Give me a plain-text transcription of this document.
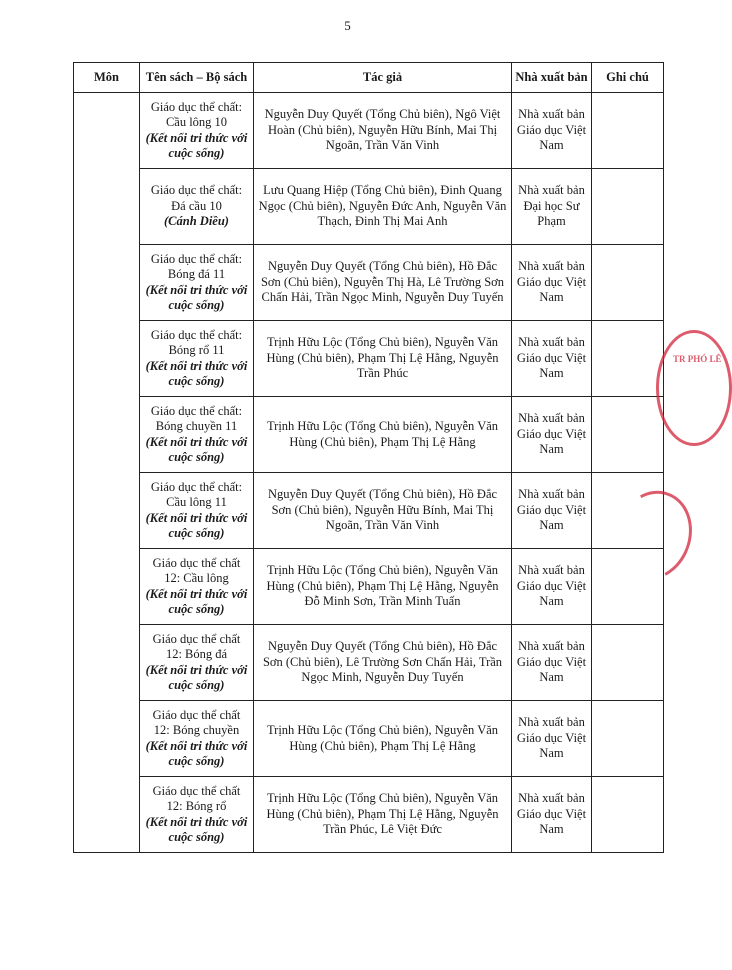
5
Môn	Tên sách – Bộ sách	Tác giả	Nhà xuất bản	Ghi chú

	Giáo dục thể chất: Cầu lông 10
(Kết nối tri thức với cuộc sống)	Nguyễn Duy Quyết (Tổng Chủ biên), Ngô Việt Hoàn (Chủ biên), Nguyễn Hữu Bính, Mai Thị Ngoãn, Trần Văn Vinh	Nhà xuất bản Giáo dục Việt Nam	

	Giáo dục thể chất: Đá cầu 10
(Cánh Diều)	Lưu Quang Hiệp (Tổng Chủ biên), Đinh Quang Ngọc (Chủ biên), Nguyễn Đức Anh, Nguyễn Văn Thạch, Đinh Thị Mai Anh	Nhà xuất bản Đại học Sư Phạm	

	Giáo dục thể chất: Bóng đá 11
(Kết nối tri thức với cuộc sống)	Nguyễn Duy Quyết (Tổng Chủ biên), Hồ Đắc Sơn (Chủ biên), Nguyễn Thị Hà, Lê Trường Sơn Chấn Hải, Trần Ngọc Minh, Nguyễn Duy Tuyến	Nhà xuất bản Giáo dục Việt Nam	

	Giáo dục thể chất: Bóng rổ 11
(Kết nối tri thức với cuộc sống)	Trịnh Hữu Lộc (Tổng Chủ biên), Nguyễn Văn Hùng (Chủ biên), Phạm Thị Lệ Hằng, Nguyễn Trần Phúc	Nhà xuất bản Giáo dục Việt Nam	

	Giáo dục thể chất: Bóng chuyền 11
(Kết nối tri thức với cuộc sống)	Trịnh Hữu Lộc (Tổng Chủ biên), Nguyễn Văn Hùng (Chủ biên), Phạm Thị Lệ Hằng	Nhà xuất bản Giáo dục Việt Nam	

	Giáo dục thể chất: Cầu lông 11
(Kết nối tri thức với cuộc sống)	Nguyễn Duy Quyết (Tổng Chủ biên), Hồ Đắc Sơn (Chủ biên), Nguyễn Hữu Bính, Mai Thị Ngoãn, Trần Văn Vinh	Nhà xuất bản Giáo dục Việt Nam	

	Giáo dục thể chất 12: Cầu lông
(Kết nối tri thức với cuộc sống)	Trịnh Hữu Lộc (Tổng Chủ biên), Nguyễn Văn Hùng (Chủ biên), Phạm Thị Lệ Hằng, Nguyễn Đỗ Minh Sơn, Trần Minh Tuấn	Nhà xuất bản Giáo dục Việt Nam	

	Giáo dục thể chất 12: Bóng đá
(Kết nối tri thức với cuộc sống)	Nguyễn Duy Quyết (Tổng Chủ biên), Hồ Đắc Sơn (Chủ biên), Lê Trường Sơn Chấn Hải, Trần Ngọc Minh, Nguyễn Duy Tuyến	Nhà xuất bản Giáo dục Việt Nam	

	Giáo dục thể chất 12: Bóng chuyền
(Kết nối tri thức với cuộc sống)	Trịnh Hữu Lộc (Tổng Chủ biên), Nguyễn Văn Hùng (Chủ biên), Phạm Thị Lệ Hằng	Nhà xuất bản Giáo dục Việt Nam	

	Giáo dục thể chất 12: Bóng rổ
(Kết nối tri thức với cuộc sống)	Trịnh Hữu Lộc (Tổng Chủ biên), Nguyễn Văn Hùng (Chủ biên), Phạm Thị Lệ Hằng, Nguyễn Trần Phúc, Lê Việt Đức	Nhà xuất bản Giáo dục Việt Nam	
TR PHÓ LÊ
